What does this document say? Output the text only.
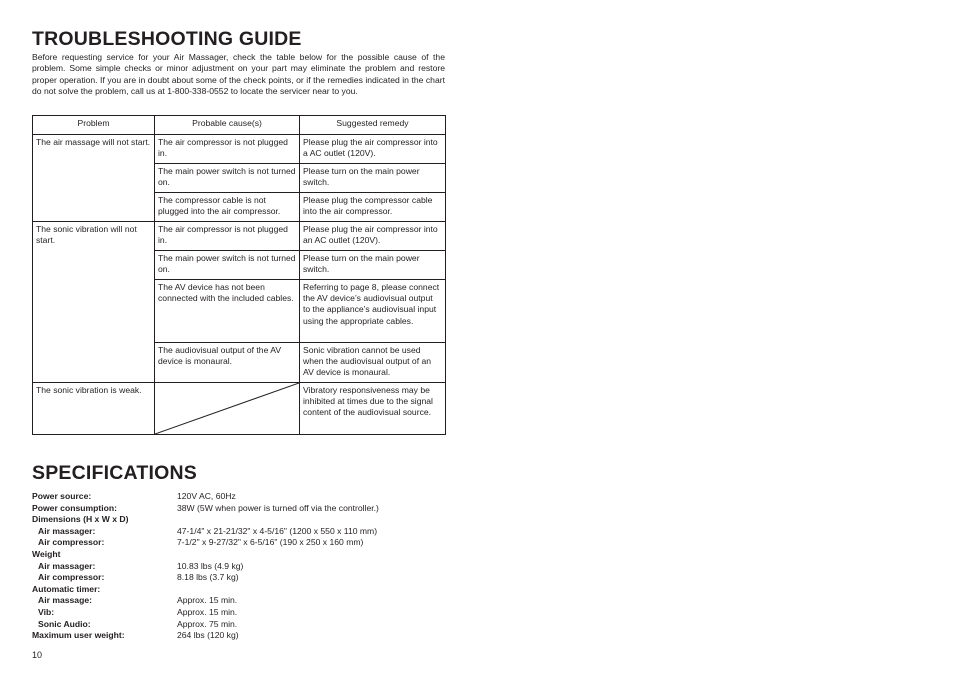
TROUBLESHOOTING GUIDE

Before requesting service for your Air Massager, check the table below for the possible cause of the problem. Some simple checks or minor adjustment on your part may eliminate the problem and restore proper operation. If you are in doubt about some of the check points, or if the remedies indicated in the chart do not solve the problem, call us at 1-800-338-0552 to locate the servicer near to you.

Problem	Probable cause(s)	Suggested remedy
The air massage will not start.	The air compressor is not plugged in.	Please plug the air compressor into a AC outlet (120V).
	The main power switch is not turned on.	Please turn on the main power switch.
	The compressor cable is not plugged into the air compressor.	Please plug the compressor cable into the air compressor.
The sonic vibration will not start.	The air compressor is not plugged in.	Please plug the air compressor into an AC outlet (120V).
	The main power switch is not turned on.	Please turn on the main power switch.
	The AV device has not been connected with the included cables.	Referring to page 8, please connect the AV device’s audiovisual output to the appliance’s audiovisual input using the appropriate cables.
	The audiovisual output of the AV device is monaural.	Sonic vibration cannot be used when the audiovisual output of an AV device is monaural.
The sonic vibration is weak.		Vibratory responsiveness may be inhibited at times due to the signal content of the audiovisual source.
SPECIFICATIONS
Power source:	120V AC, 60Hz
Power consumption:	38W (5W when power is turned off via the controller.)
Dimensions (H x W x D)
Air massager:	47-1/4" x 21-21/32" x 4-5/16" (1200 x 550 x 110 mm)
Air compressor:	7-1/2" x 9-27/32" x 6-5/16" (190 x 250 x 160 mm)
Weight
Air massager:	10.83 lbs (4.9 kg)
Air compressor:	8.18 lbs (3.7 kg)
Automatic timer:
Air massage:	Approx. 15 min.
Vib:	Approx. 15 min.
Sonic Audio:	Approx. 75 min.
Maximum user weight:	264 lbs (120 kg)
10
